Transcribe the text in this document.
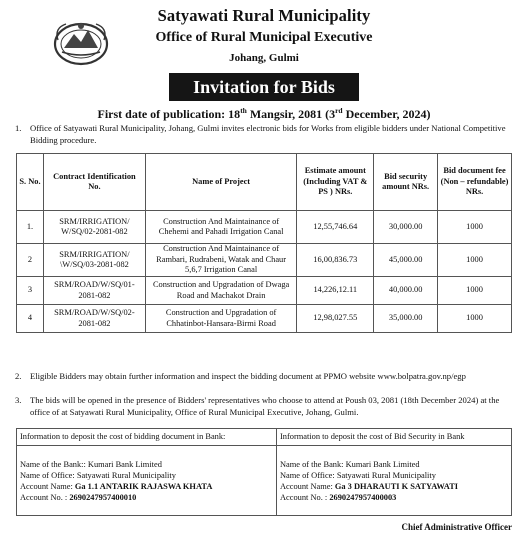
Satyawati Rural Municipality
Office of Rural Municipal Executive
Johang, Gulmi
Invitation for Bids
First date of publication: 18th Mangsir, 2081 (3rd December, 2024)
1. Office of Satyawati Rural Municipality, Johang, Gulmi invites electronic bids for Works from eligible bidders under National Competitive Bidding procedure.
S. No.	Contract Identification No.	Name of Project	Estimate amount (Including VAT & PS ) NRs.	Bid security amount NRs.	Bid document fee (Non – refundable) NRs.
1.	SRM/IRRIGATION/ W/SQ/02-2081-082	Construction And Maintainance of Chehemi and Pahadi Irrigation Canal	12,55,746.64	30,000.00	1000
2	SRM/IRRIGATION/ \W/SQ/03-2081-082	Construction And Maintainance of Rambari, Rudrabeni, Watak and Chaur 5,6,7 Irrigation Canal	16,00,836.73	45,000.00	1000
3	SRM/ROAD/W/SQ/01-2081-082	Construction and Upgradation of Dwaga Road and Machakot Drain	14,226,12.11	40,000.00	1000
4	SRM/ROAD/W/SQ/02-2081-082	Construction and Upgradation of Chhatinbot-Hansara-Birmi Road	12,98,027.55	35,000.00	1000
2. Eligible Bidders may obtain further information and inspect the bidding document at PPMO website www.bolpatra.gov.np/egp
3. The bids will be opened in the presence of Bidders' representatives who choose to attend at Poush 03, 2081 (18th December 2024) at the office of at Satyawati Rural Municipality, Office of Rural Municipal Executive, Johang, Gulmi.
Information to deposit the cost of bidding document in Bank:
Name of the Bank:: Kumari Bank Limited
Name of Office: Satyawati Rural Municipality
Account Name: Ga 1.1 ANTARIK RAJASWA KHATA
Account No. : 2690247957400010
Information to deposit the cost of Bid Security in Bank
Name of the Bank: Kumari Bank Limited
Name of Office: Satyawati Rural Municipality
Account Name: Ga 3 DHARAUTI K SATYAWATI
Account No. : 2690247957400003
Chief Administrative Officer
